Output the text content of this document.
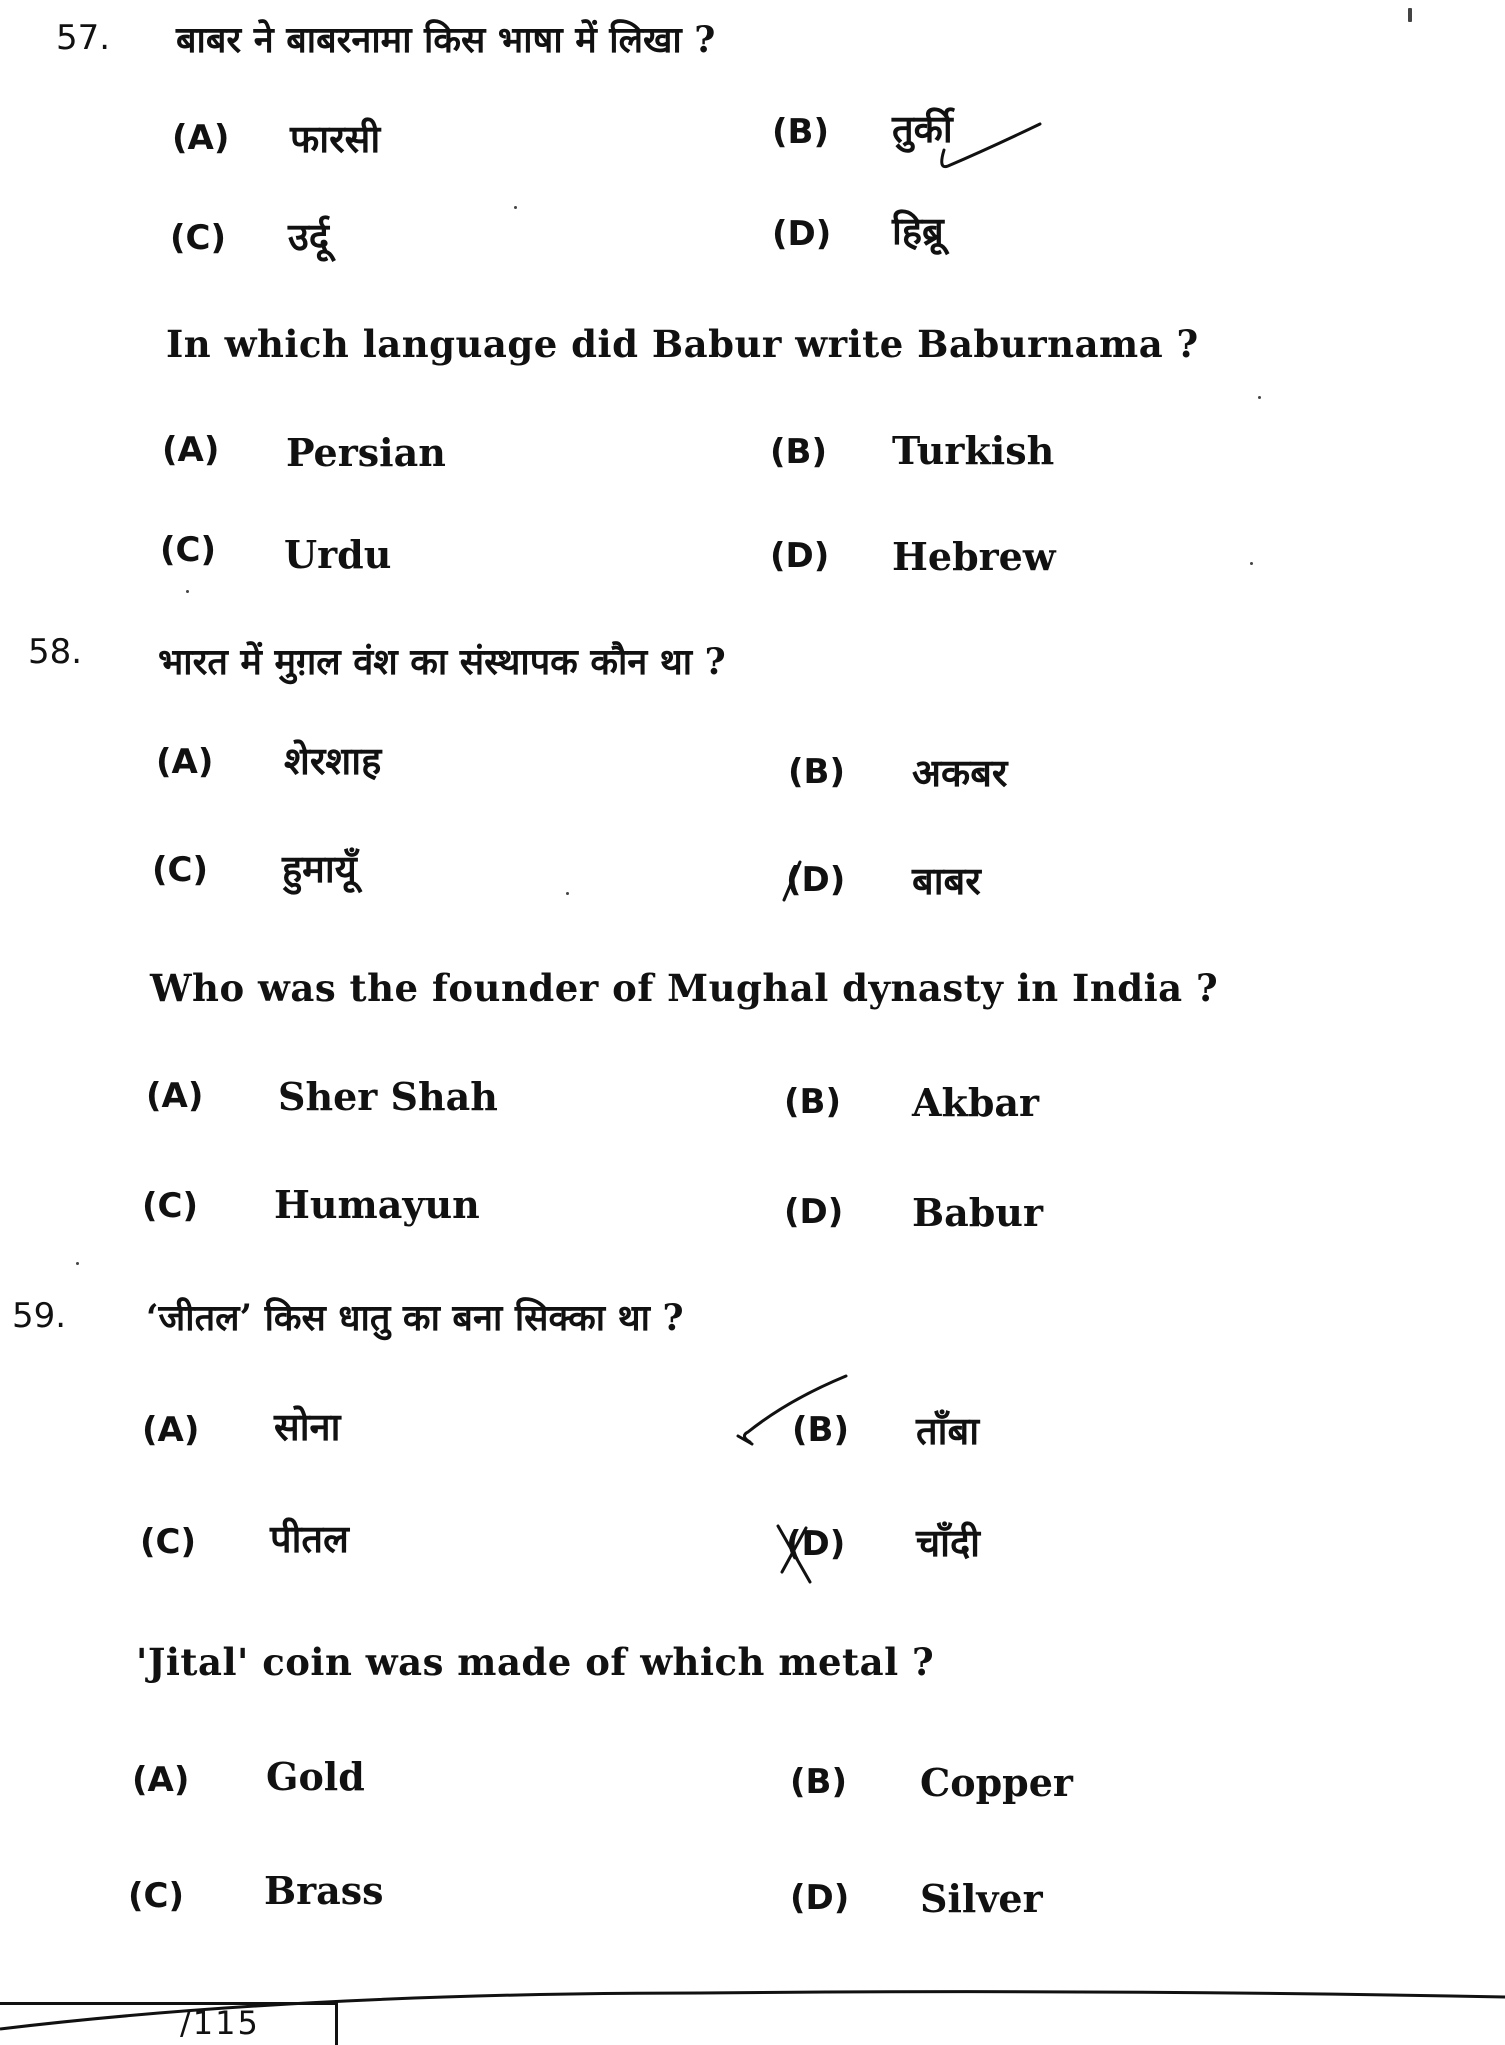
57. बाबर ने बाबरनामा किस भाषा में लिखा ?
(A) फारसी	(B) तुर्की
(C) उर्दू	(D) हिब्रू
In which language did Babur write Baburnama ?
(A) Persian	(B) Turkish
(C) Urdu	(D) Hebrew
58. भारत में मुग़ल वंश का संस्थापक कौन था ?
(A) शेरशाह	(B) अकबर
(C) हुमायूँ	(D) बाबर
Who was the founder of Mughal dynasty in India ?
(A) Sher Shah	(B) Akbar
(C) Humayun	(D) Babur
59. ‘जीतल’ किस धातु का बना सिक्का था ?
(A) सोना	(B) ताँबा
(C) पीतल	(D) चाँदी
'Jital' coin was made of which metal ?
(A) Gold	(B) Copper
(C) Brass	(D) Silver
/115
